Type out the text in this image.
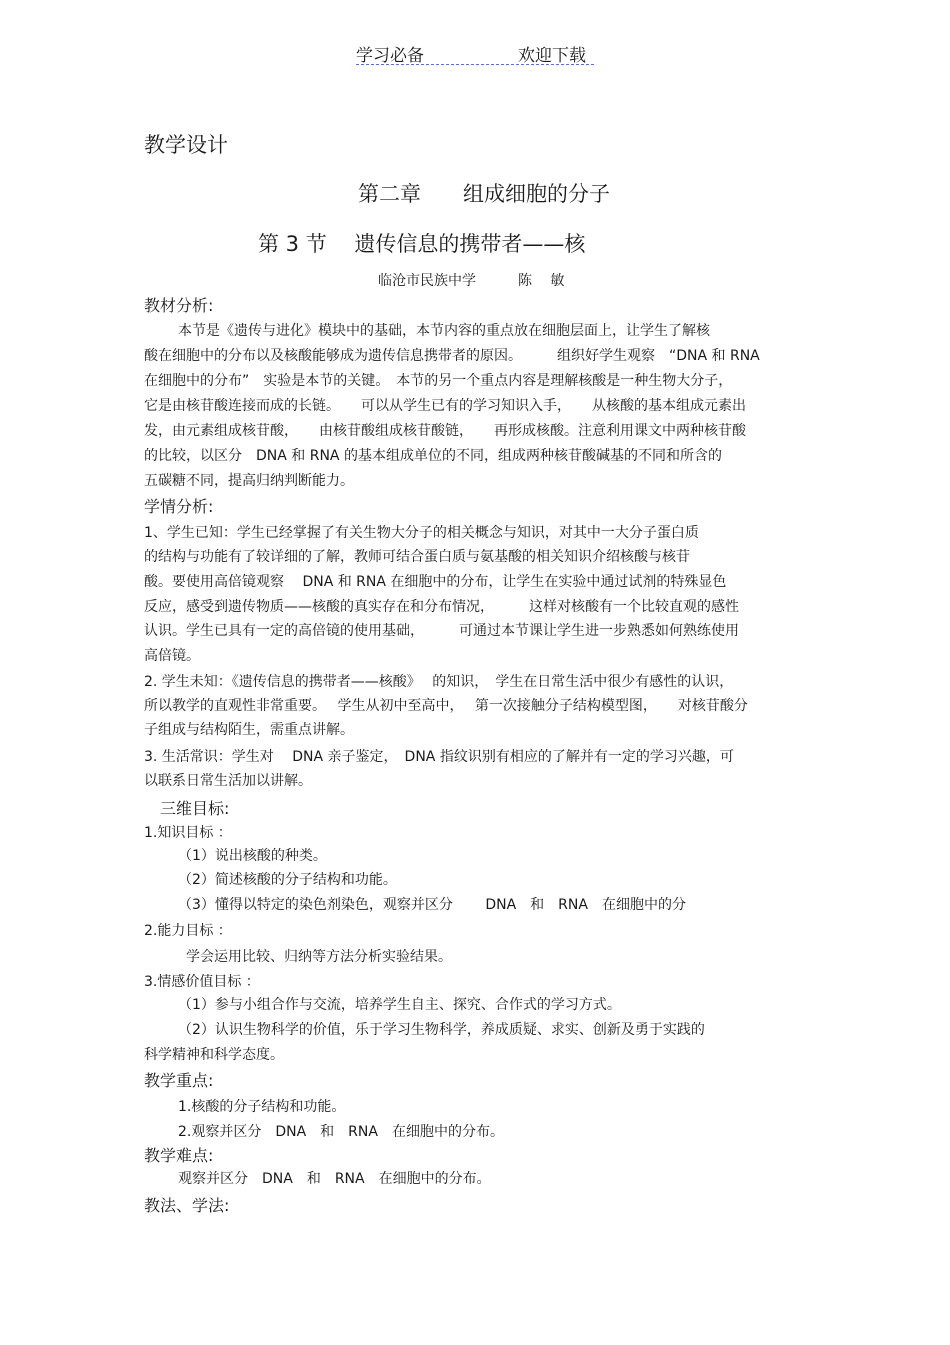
学习必备	欢迎下载
教学设计
第二章　　组成细胞的分子
第 3 节　 遗传信息的携带者——核
临沧市民族中学　　　陈　 敏
教材分析:
本节是《遗传与进化》模块中的基础，本节内容的重点放在细胞层面上，让学生了解核
酸在细胞中的分布以及核酸能够成为遗传信息携带者的原因。　　　组织好学生观察　“DNA 和 RNA
在细胞中的分布”　实验是本节的关键。　本节的另一个重点内容是理解核酸是一种生物大分子，
它是由核苷酸连接而成的长链。　　可以从学生已有的学习知识入手，　　从核酸的基本组成元素出
发，由元素组成核苷酸，　　由核苷酸组成核苷酸链，　　再形成核酸。注意利用课文中两种核苷酸
的比较，以区分　DNA 和 RNA 的基本组成单位的不同，组成两种核苷酸碱基的不同和所含的
五碳糖不同，提高归纳判断能力。
学情分析:
1、学生已知：学生已经掌握了有关生物大分子的相关概念与知识，对其中一大分子蛋白质
的结构与功能有了较详细的了解，教师可结合蛋白质与氨基酸的相关知识介绍核酸与核苷
酸。要使用高倍镜观察　 DNA 和 RNA 在细胞中的分布，让学生在实验中通过试剂的特殊显色
反应，感受到遗传物质——核酸的真实存在和分布情况，　　　这样对核酸有一个比较直观的感性
认识。学生已具有一定的高倍镜的使用基础，　　　可通过本节课让学生进一步熟悉如何熟练使用
高倍镜。
2. 学生未知：《遗传信息的携带者——核酸》　 的知识，　学生在日常生活中很少有感性的认识，
所以教学的直观性非常重要。　 学生从初中至高中，　 第一次接触分子结构模型图，　　对核苷酸分
子组成与结构陌生，需重点讲解。
3. 生活常识：学生对　 DNA 亲子鉴定，　DNA 指纹识别有相应的了解并有一定的学习兴趣，可
以联系日常生活加以讲解。
三维目标:
1.知识目标 ：
（1）说出核酸的种类。
（2）简述核酸的分子结构和功能。
（3）懂得以特定的染色剂染色，观察并区分　　 DNA　和　RNA　在细胞中的分
2.能力目标 ：
学会运用比较、归纳等方法分析实验结果。
3.情感价值目标 ：
（1）参与小组合作与交流，培养学生自主、探究、合作式的学习方式。
（2）认识生物科学的价值，乐于学习生物科学，养成质疑、求实、创新及勇于实践的
科学精神和科学态度。
教学重点:
1.核酸的分子结构和功能。
2.观察并区分　DNA　和　RNA　在细胞中的分布。
教学难点:
观察并区分　DNA　和　RNA　在细胞中的分布。
教法、学法:
